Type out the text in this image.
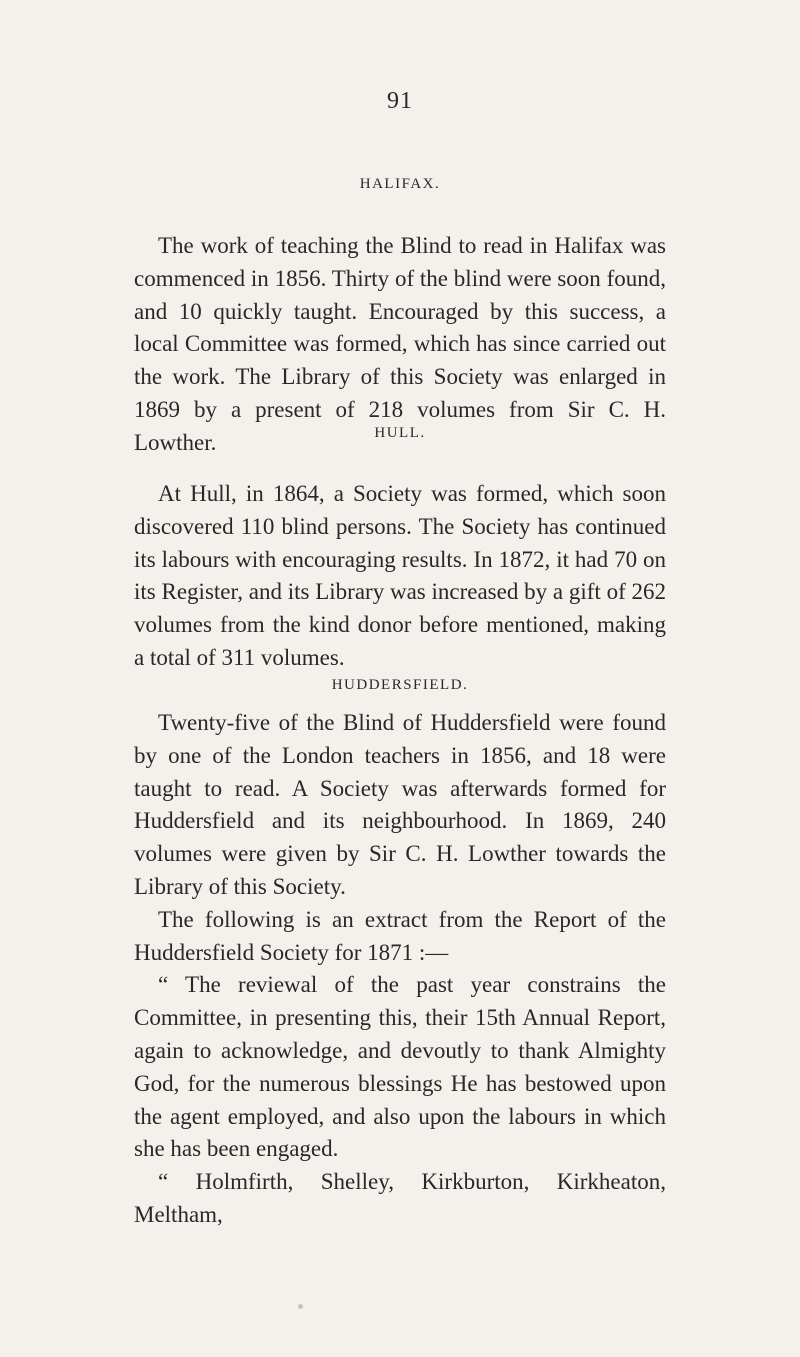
91
HALIFAX.

The work of teaching the Blind to read in Halifax was commenced in 1856. Thirty of the blind were soon found, and 10 quickly taught. Encouraged by this success, a local Committee was formed, which has since carried out the work. The Library of this Society was enlarged in 1869 by a present of 218 volumes from Sir C. H. Lowther.	HULL.

At Hull, in 1864, a Society was formed, which soon discovered 110 blind persons. The Society has continued its labours with encouraging results. In 1872, it had 70 on its Register, and its Library was increased by a gift of 262 volumes from the kind donor before mentioned, making a total of 311 volumes.

HUDDERSFIELD.

Twenty-five of the Blind of Huddersfield were found by one of the London teachers in 1856, and 18 were taught to read. A Society was afterwards formed for Huddersfield and its neighbourhood. In 1869, 240 volumes were given by Sir C. H. Lowther towards the Library of this Society.

The following is an extract from the Report of the Huddersfield Society for 1871 :—

“ The reviewal of the past year constrains the Committee, in presenting this, their 15th Annual Report, again to acknowledge, and devoutly to thank Almighty God, for the numerous blessings He has bestowed upon the agent employed, and also upon the labours in which she has been engaged.

“ Holmfirth, Shelley, Kirkburton, Kirkheaton, Meltham,
